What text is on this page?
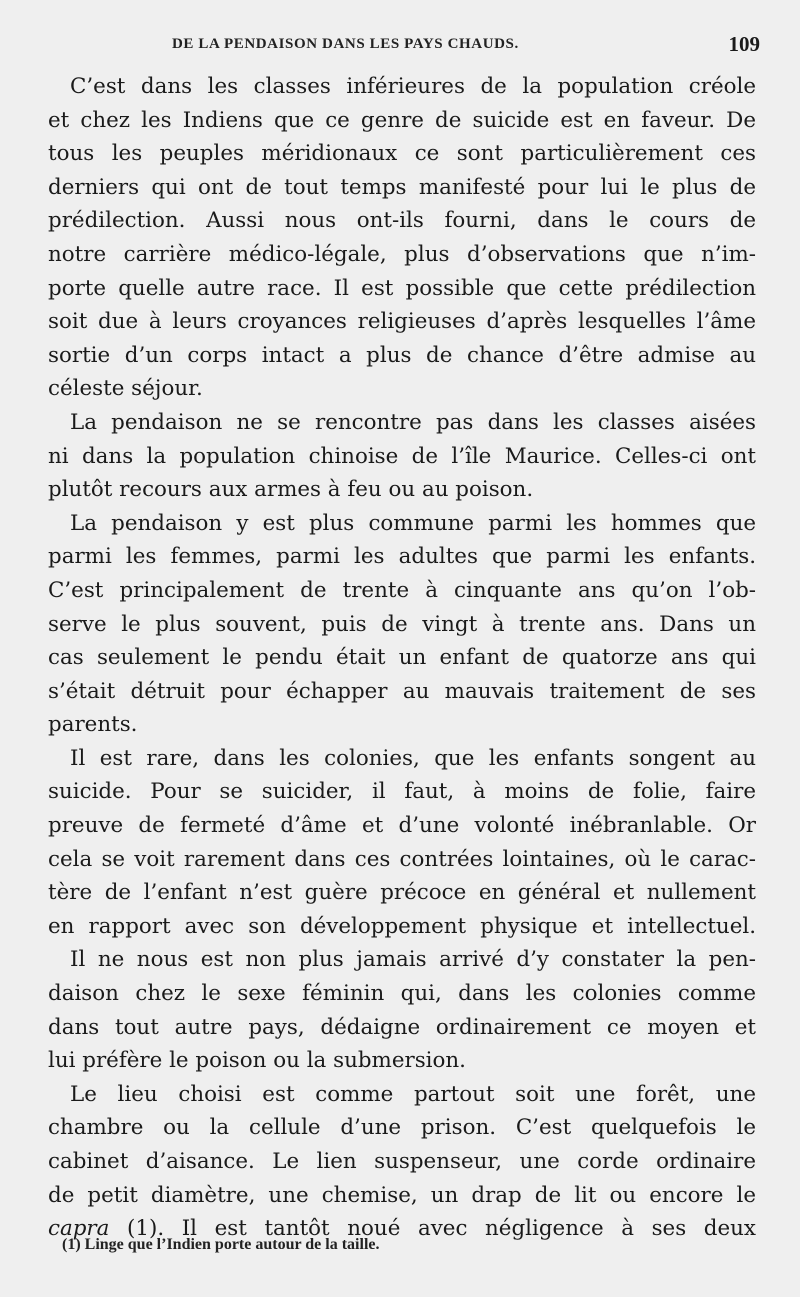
DE LA PENDAISON DANS LES PAYS CHAUDS.	109
C’est dans les classes inférieures de la population créole
et chez les Indiens que ce genre de suicide est en faveur. De
tous les peuples méridionaux ce sont particulièrement ces
derniers qui ont de tout temps manifesté pour lui le plus de
prédilection. Aussi nous ont-ils fourni, dans le cours de
notre carrière médico-légale, plus d’observations que n’im-
porte quelle autre race. Il est possible que cette prédilection
soit due à leurs croyances religieuses d’après lesquelles l’âme
sortie d’un corps intact a plus de chance d’être admise au
céleste séjour.
La pendaison ne se rencontre pas dans les classes aisées
ni dans la population chinoise de l’île Maurice. Celles-ci ont
plutôt recours aux armes à feu ou au poison.
La pendaison y est plus commune parmi les hommes que
parmi les femmes, parmi les adultes que parmi les enfants.
C’est principalement de trente à cinquante ans qu’on l’ob-
serve le plus souvent, puis de vingt à trente ans. Dans un
cas seulement le pendu était un enfant de quatorze ans qui
s’était détruit pour échapper au mauvais traitement de ses
parents.
Il est rare, dans les colonies, que les enfants songent au
suicide. Pour se suicider, il faut, à moins de folie, faire
preuve de fermeté d’âme et d’une volonté inébranlable. Or
cela se voit rarement dans ces contrées lointaines, où le carac-
tère de l’enfant n’est guère précoce en général et nullement
en rapport avec son développement physique et intellectuel.
Il ne nous est non plus jamais arrivé d’y constater la pen-
daison chez le sexe féminin qui, dans les colonies comme
dans tout autre pays, dédaigne ordinairement ce moyen et
lui préfère le poison ou la submersion.
Le lieu choisi est comme partout soit une forêt, une
chambre ou la cellule d’une prison. C’est quelquefois le
cabinet d’aisance. Le lien suspenseur, une corde ordinaire
de petit diamètre, une chemise, un drap de lit ou encore le
capra (1). Il est tantôt noué avec négligence à ses deux
(1) Linge que l’Indien porte autour de la taille.
